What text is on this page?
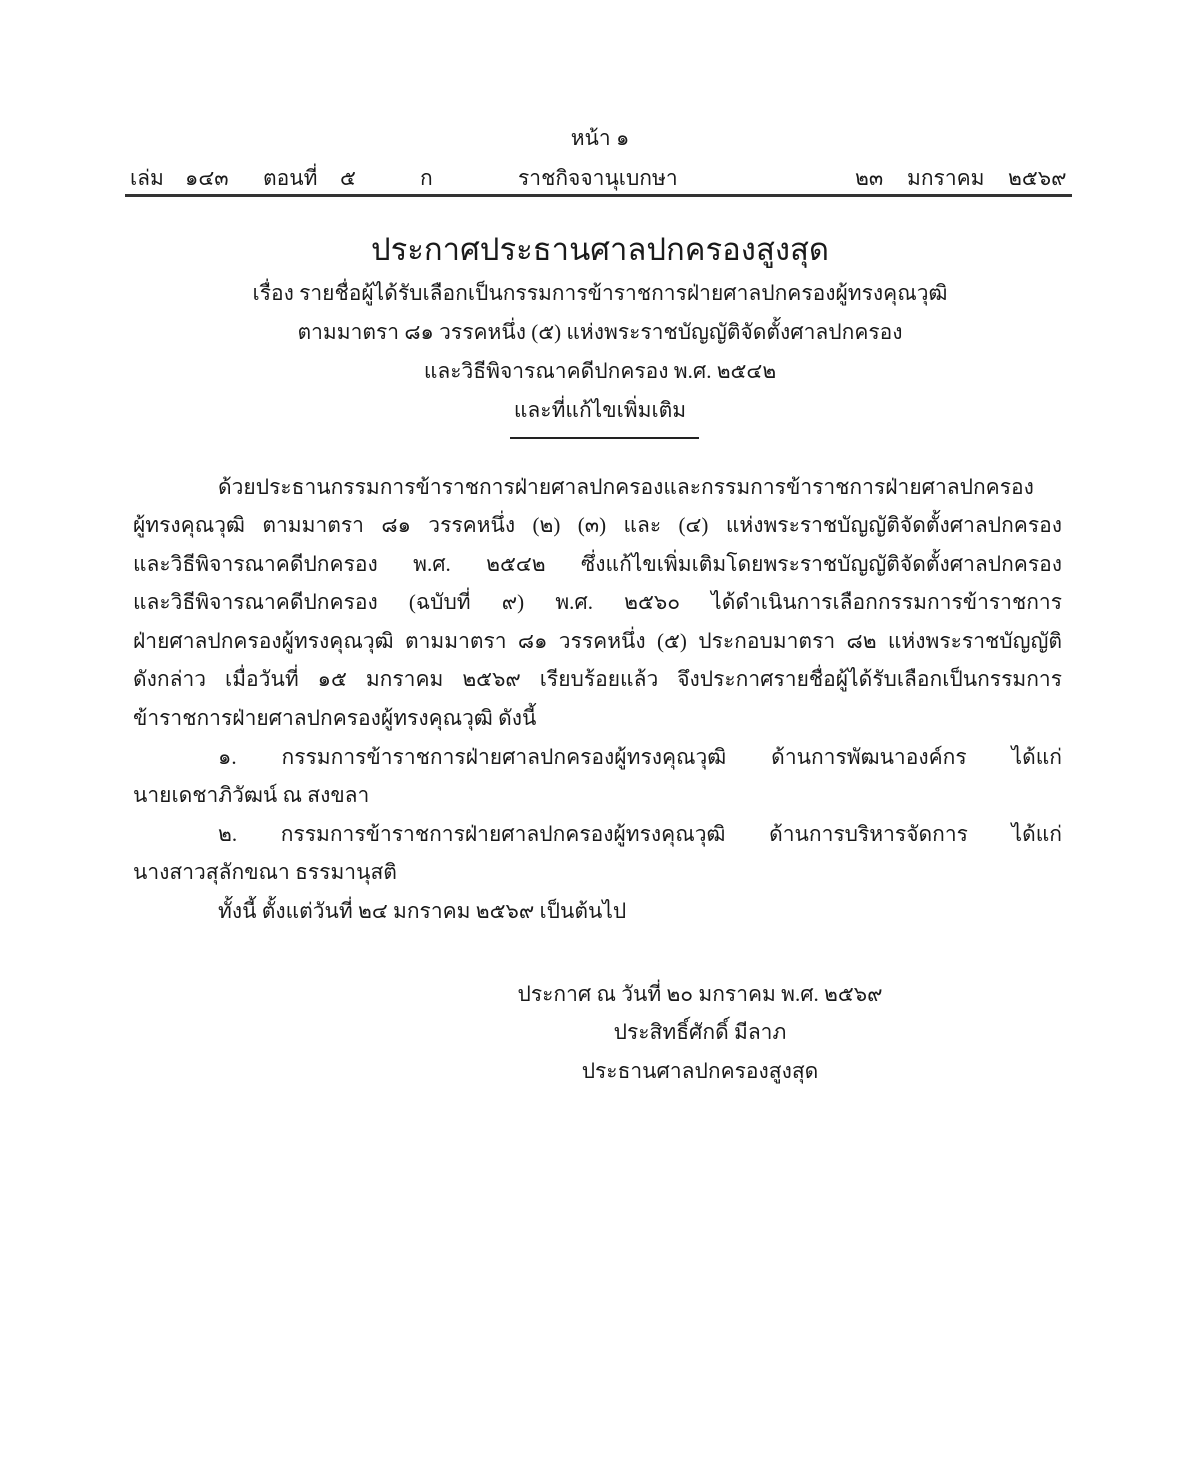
หน้า ๑
เล่ม ๑๔๓ ตอนที่ ๕	ก	ราชกิจจานุเบกษา	๒๓ มกราคม ๒๕๖๙
ประกาศประธานศาลปกครองสูงสุด
เรื่อง รายชื่อผู้ได้รับเลือกเป็นกรรมการข้าราชการฝ่ายศาลปกครองผู้ทรงคุณวุฒิ
ตามมาตรา ๘๑ วรรคหนึ่ง (๕) แห่งพระราชบัญญัติจัดตั้งศาลปกครอง
และวิธีพิจารณาคดีปกครอง พ.ศ. ๒๕๔๒
และที่แก้ไขเพิ่มเติม
ด้วยประธานกรรมการข้าราชการฝ่ายศาลปกครองและกรรมการข้าราชการฝ่ายศาลปกครอง
ผู้ทรงคุณวุฒิ ตามมาตรา ๘๑ วรรคหนึ่ง (๒) (๓) และ (๔) แห่งพระราชบัญญัติจัดตั้งศาลปกครอง
และวิธีพิจารณาคดีปกครอง พ.ศ. ๒๕๔๒ ซึ่งแก้ไขเพิ่มเติมโดยพระราชบัญญัติจัดตั้งศาลปกครอง
และวิธีพิจารณาคดีปกครอง (ฉบับที่ ๙) พ.ศ. ๒๕๖๐ ได้ดำเนินการเลือกกรรมการข้าราชการ
ฝ่ายศาลปกครองผู้ทรงคุณวุฒิ ตามมาตรา ๘๑ วรรคหนึ่ง (๕) ประกอบมาตรา ๘๒ แห่งพระราชบัญญัติ
ดังกล่าว เมื่อวันที่ ๑๕ มกราคม ๒๕๖๙ เรียบร้อยแล้ว จึงประกาศรายชื่อผู้ได้รับเลือกเป็นกรรมการ
ข้าราชการฝ่ายศาลปกครองผู้ทรงคุณวุฒิ ดังนี้
๑. กรรมการข้าราชการฝ่ายศาลปกครองผู้ทรงคุณวุฒิ ด้านการพัฒนาองค์กร ได้แก่
นายเดชาภิวัฒน์ ณ สงขลา
๒. กรรมการข้าราชการฝ่ายศาลปกครองผู้ทรงคุณวุฒิ ด้านการบริหารจัดการ ได้แก่
นางสาวสุลักขณา ธรรมานุสติ
ทั้งนี้ ตั้งแต่วันที่ ๒๔ มกราคม ๒๕๖๙ เป็นต้นไป
ประกาศ ณ วันที่ ๒๐ มกราคม พ.ศ. ๒๕๖๙
ประสิทธิ์ศักดิ์ มีลาภ
ประธานศาลปกครองสูงสุด
